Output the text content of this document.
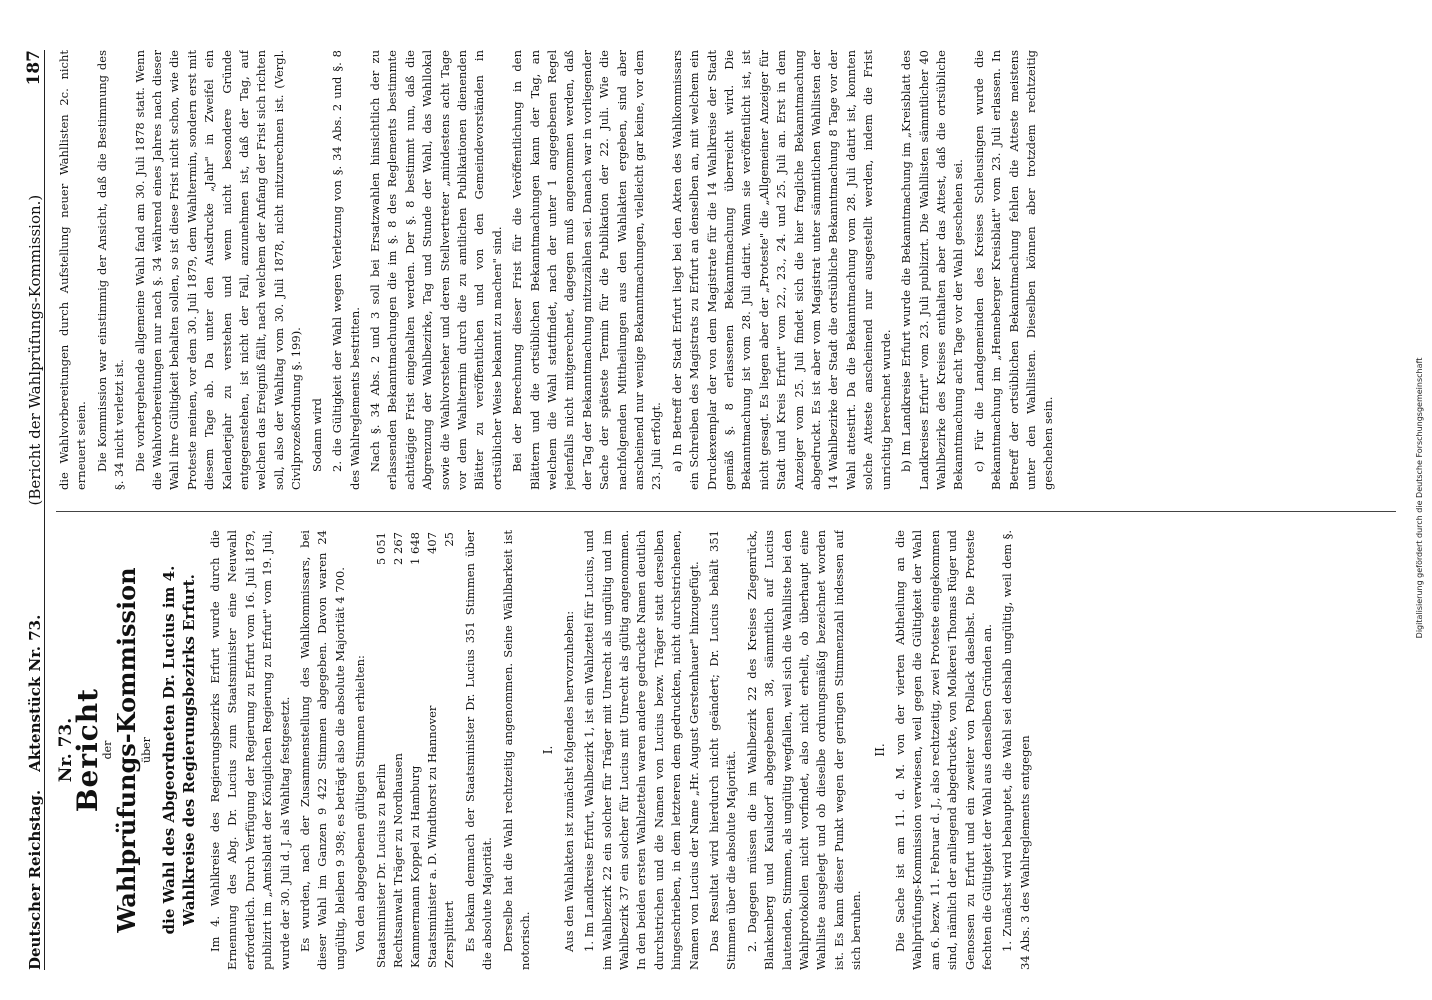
Deutscher Reichstag.
Aktenstück Nr. 73.
(Bericht der Wahlprüfungs-Kommission.)
187
Nr. 73.
Bericht
der
Wahlprüfungs-Kommission
über die Wahl des Abgeordneten Dr. Lucius im 4. Wahlkreise des Regierungsbezirks Erfurt. Im 4. Wahlkreise des Regierungsbezirks Erfurt wurde durch die Ernennung des Abg. Dr. Lucius zum Staatsminister eine Neuwahl erforderlich. Durch Verfügung der Regierung zu Erfurt vom 16. Juli 1879, publizirt im „Amtsblatt der Königlichen Regierung zu Erfurt" vom 19. Juli, wurde der 30. Juli d. J. als Wahltag festgesetzt. Es wurden, nach der Zusammenstellung des Wahlkommissars, bei dieser Wahl im Ganzen 9 422 Stimmen abgegeben. Davon waren 24 ungültig, bleiben 9 398; es beträgt also die absolute Majorität 4 700. Von den abgegebenen gültigen Stimmen erhielten: Staatsminister Dr. Lucius zu Berlin	5 051
Rechtsanwalt Träger zu Nordhausen	2 267
Kammermann Koppel zu Hamburg	1 648
Staatsminister a. D. Windthorst zu Hannover	407
Zersplittert	25 Es bekam demnach der Staatsminister Dr. Lucius 351 Stimmen über die absolute Majorität. Derselbe hat die Wahl rechtzeitig angenommen. Seine Wählbarkeit ist notorisch.

I. Aus den Wahlakten ist zunächst folgendes hervorzuheben: 1. Im Landkreise Erfurt, Wahlbezirk 1, ist ein Wahlzettel für Lucius, und im Wahlbezirk 22 ein solcher für Träger mit Unrecht als ungültig und im Wahlbezirk 37 ein solcher für Lucius mit Unrecht als gültig angenommen. In den beiden ersten Wahlzetteln waren andere gedruckte Namen deutlich durchstrichen und die Namen von Lucius bezw. Träger statt derselben hingeschrieben, in dem letzteren dem gedruckten, nicht durchstrichenen, Namen von Lucius der Name „Hr. August Gerstenhauer" hinzugefügt. Das Resultat wird hierdurch nicht geändert; Dr. Lucius behält 351 Stimmen über die absolute Majorität. 2. Dagegen müssen die im Wahlbezirk 22 des Kreises Ziegenrück, Blankenberg und Kaulsdorf abgegebenen 38, sämmtlich auf Lucius lautenden, Stimmen, als ungültig wegfallen, weil sich die Wahlliste bei den Wahlprotokollen nicht vorfindet, also nicht erhellt, ob überhaupt eine Wahlliste ausgelegt und ob dieselbe ordnungsmäßig bezeichnet worden ist. Es kann dieser Punkt wegen der geringen Stimmenzahl indessen auf sich beruhen.

II. Die Sache ist am 11. d. M. von der vierten Abtheilung an die Wahlprüfungs-Kommission verwiesen, weil gegen die Gültigkeit der Wahl am 6. bezw. 11. Februar d. J., also rechtzeitig, zwei Proteste eingekommen sind, nämlich der anliegend abgedruckte, von Molkerei Thomas Rüger und Genossen zu Erfurt und ein zweiter von Pollack daselbst. Die Proteste fechten die Gültigkeit der Wahl aus denselben Gründen an. 1. Zunächst wird behauptet, die Wahl sei deshalb ungültig, weil dem §. 34 Abs. 3 des Wahlreglements entgegen

die Wahlvorbereitungen durch Aufstellung neuer Wahllisten 2c. nicht erneuert seien. Die Kommission war einstimmig der Ansicht, daß die Bestimmung des §. 34 nicht verletzt ist. Die vorhergehende allgemeine Wahl fand am 30. Juli 1878 statt. Wenn die Wahlvorbereitungen nur nach §. 34 während eines Jahres nach dieser Wahl ihre Gültigkeit behalten sollen, so ist diese Frist nicht schon, wie die Proteste meinen, vor dem 30. Juli 1879, dem Wahltermin, sondern erst mit diesem Tage ab. Da unter den Ausdrucke „Jahr" in Zweifel ein Kalenderjahr zu verstehen und wenn nicht besondere Gründe entgegenstehen, ist nicht der Fall, anzunehmen ist, daß der Tag, auf welchen das Ereigniß fällt, nach welchem der Anfang der Frist sich richten soll, also der Wahltag vom 30. Juli 1878, nicht mitzurechnen ist. (Vergl. Civilprozeßordnung §. 199). Sodann wird 2. die Gültigkeit der Wahl wegen Verletzung von §. 34 Abs. 2 und §. 8 des Wahlreglements bestritten. Nach §. 34 Abs. 2 und 3 soll bei Ersatzwahlen hinsichtlich der zu erlassenden Bekanntmachungen die im §. 8 des Reglements bestimmte achttägige Frist eingehalten werden. Der §. 8 bestimmt nun, daß die Abgrenzung der Wahlbezirke, Tag und Stunde der Wahl, das Wahllokal sowie die Wahlvorsteher und deren Stellvertreter „mindestens acht Tage vor dem Wahltermin durch die zu amtlichen Publikationen dienenden Blätter zu veröffentlichen und von den Gemeindevorständen in ortsüblicher Weise bekannt zu machen" sind. Bei der Berechnung dieser Frist für die Veröffentlichung in den Blättern und die ortsüblichen Bekanntmachungen kann der Tag, an welchem die Wahl stattfindet, nach der unter 1 angegebenen Regel jedenfalls nicht mitgerechnet, dagegen muß angenommen werden, daß der Tag der Bekanntmachung mitzuzählen sei. Danach war in vorliegender Sache der späteste Termin für die Publikation der 22. Juli. Wie die nachfolgenden Mittheilungen aus den Wahlakten ergeben, sind aber anscheinend nur wenige Bekanntmachungen, vielleicht gar keine, vor dem 23. Juli erfolgt. a) In Betreff der Stadt Erfurt liegt bei den Akten des Wahlkommissars ein Schreiben des Magistrats zu Erfurt an denselben an, mit welchem ein Druckexemplar der von dem Magistrate für die 14 Wahlkreise der Stadt gemäß §. 8 erlassenen Bekanntmachung überreicht wird. Die Bekanntmachung ist vom 28. Juli datirt. Wann sie veröffentlicht ist, ist nicht gesagt. Es liegen aber der „Proteste" die „Allgemeiner Anzeiger für Stadt und Kreis Erfurt" vom 22., 23., 24. und 25. Juli an. Erst in dem Anzeiger vom 25. Juli findet sich die hier fragliche Bekanntmachung abgedruckt. Es ist aber vom Magistrat unter sämmtlichen Wahllisten der 14 Wahlbezirke der Stadt die ortsübliche Bekanntmachung 8 Tage vor der Wahl attestirt. Da die Bekanntmachung vom 28. Juli datirt ist, konnten solche Atteste anscheinend nur ausgestellt werden, indem die Frist unrichtig berechnet wurde. b) Im Landkreise Erfurt wurde die Bekanntmachung im „Kreisblatt des Landkreises Erfurt" vom 23. Juli publizirt. Die Wahllisten sämmtlicher 40 Wahlbezirke des Kreises enthalten aber das Attest, daß die ortsübliche Bekanntmachung acht Tage vor der Wahl geschehen sei. c) Für die Landgemeinden des Kreises Schleusingen wurde die Bekanntmachung im „Henneberger Kreisblatt" vom 23. Juli erlassen. In Betreff der ortsüblichen Bekanntmachung fehlen die Atteste meistens unter den Wahllisten. Dieselben können aber trotzdem rechtzeitig geschehen sein.	Digitalisierung gefördert durch die Deutsche Forschungsgemeinschaft
